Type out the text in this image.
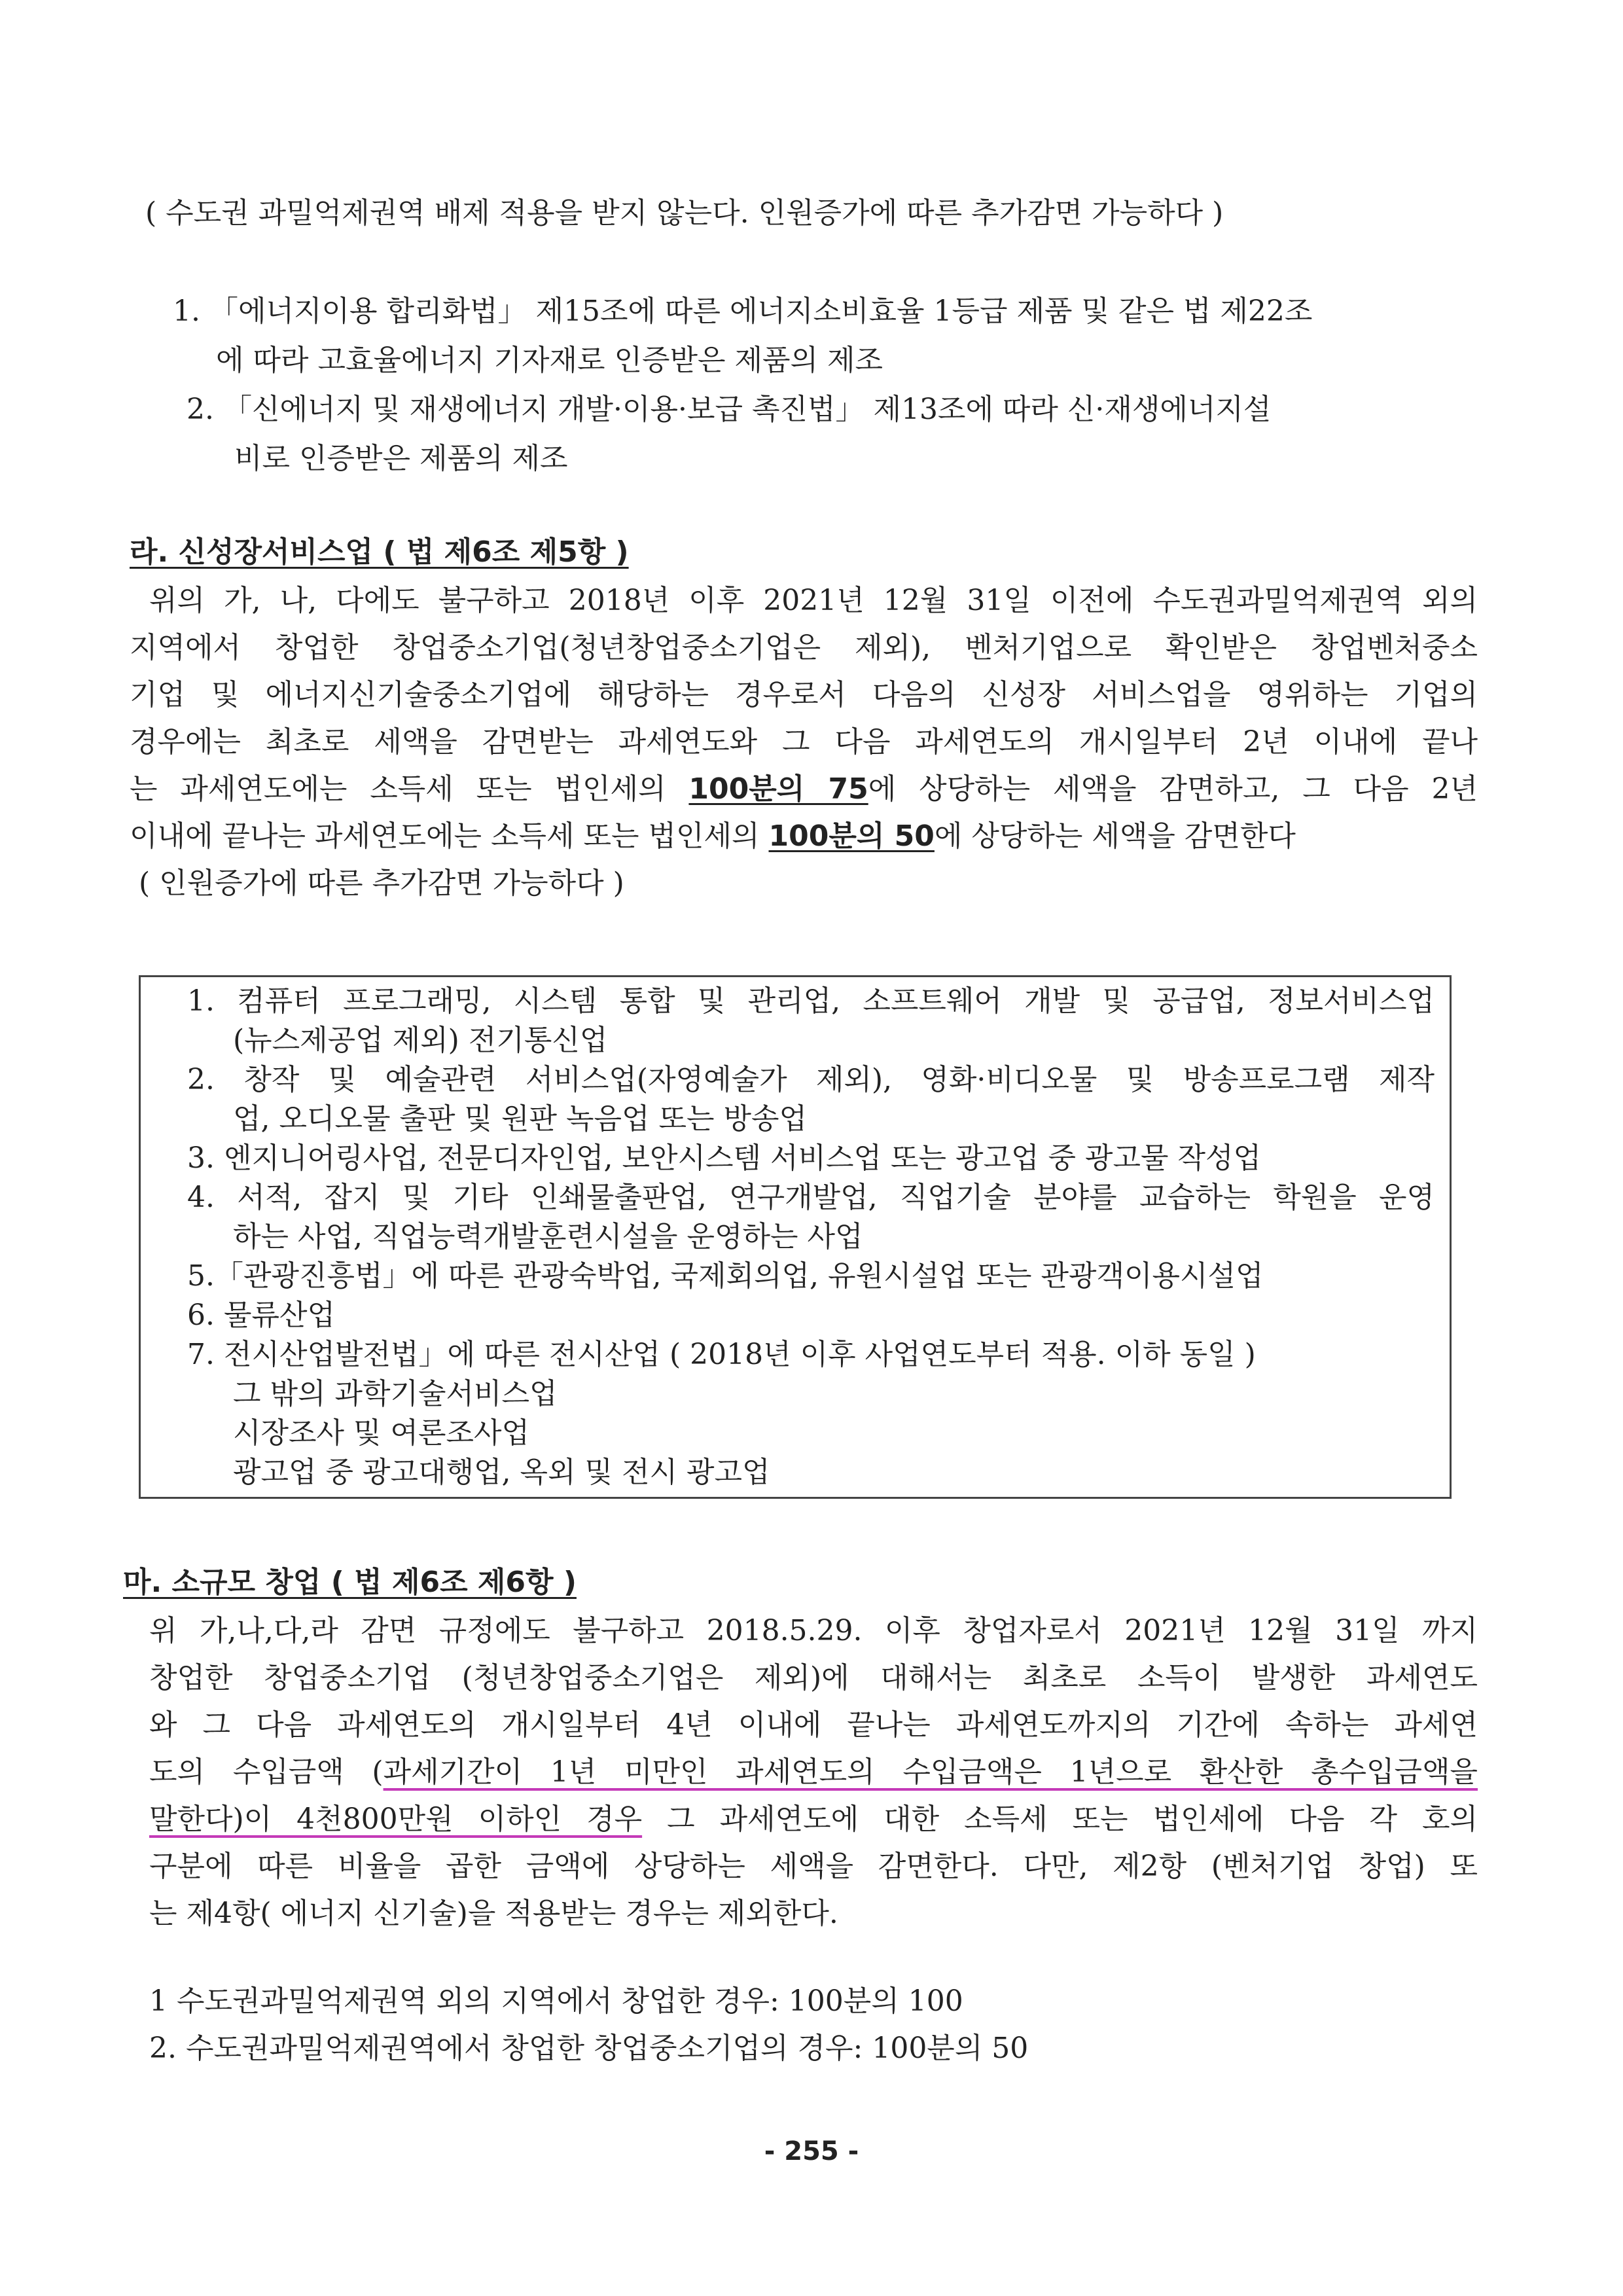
( 수도권 과밀억제권역 배제 적용을 받지 않는다. 인원증가에 따른 추가감면 가능하다 )
1. 「에너지이용 합리화법」 제15조에 따른 에너지소비효율 1등급 제품 및 같은 법 제22조
에 따라 고효율에너지 기자재로 인증받은 제품의 제조
2. 「신에너지 및 재생에너지 개발·이용·보급 촉진법」 제13조에 따라 신·재생에너지설
비로 인증받은 제품의 제조
라. 신성장서비스업 ( 법 제6조 제5항 )
위의 가, 나, 다에도 불구하고 2018년 이후 2021년 12월 31일 이전에 수도권과밀억제권역 외의
지역에서 창업한 창업중소기업(청년창업중소기업은 제외), 벤처기업으로 확인받은 창업벤처중소
기업 및 에너지신기술중소기업에 해당하는 경우로서 다음의 신성장 서비스업을 영위하는 기업의
경우에는 최초로 세액을 감면받는 과세연도와 그 다음 과세연도의 개시일부터 2년 이내에 끝나
는 과세연도에는 소득세 또는 법인세의 100분의 75에 상당하는 세액을 감면하고, 그 다음 2년
이내에 끝나는 과세연도에는 소득세 또는 법인세의 100분의 50에 상당하는 세액을 감면한다
( 인원증가에 따른 추가감면 가능하다 )
1. 컴퓨터 프로그래밍, 시스템 통합 및 관리업, 소프트웨어 개발 및 공급업, 정보서비스업
(뉴스제공업 제외) 전기통신업
2. 창작 및 예술관련 서비스업(자영예술가 제외), 영화·비디오물 및 방송프로그램 제작
업, 오디오물 출판 및 원판 녹음업 또는 방송업
3. 엔지니어링사업, 전문디자인업, 보안시스템 서비스업 또는 광고업 중 광고물 작성업
4. 서적, 잡지 및 기타 인쇄물출판업, 연구개발업, 직업기술 분야를 교습하는 학원을 운영
하는 사업, 직업능력개발훈련시설을 운영하는 사업
5.「관광진흥법」에 따른 관광숙박업, 국제회의업, 유원시설업 또는 관광객이용시설업
6. 물류산업
7. 전시산업발전법」에 따른 전시산업 ( 2018년 이후 사업연도부터 적용. 이하 동일 )
그 밖의 과학기술서비스업
시장조사 및 여론조사업
광고업 중 광고대행업, 옥외 및 전시 광고업
마. 소규모 창업 ( 법 제6조 제6항 )
위 가,나,다,라 감면 규정에도 불구하고 2018.5.29. 이후 창업자로서 2021년 12월 31일 까지
창업한 창업중소기업 (청년창업중소기업은 제외)에 대해서는 최초로 소득이 발생한 과세연도
와 그 다음 과세연도의 개시일부터 4년 이내에 끝나는 과세연도까지의 기간에 속하는 과세연
도의 수입금액 (과세기간이 1년 미만인 과세연도의 수입금액은 1년으로 환산한 총수입금액을
말한다)이 4천800만원 이하인 경우 그 과세연도에 대한 소득세 또는 법인세에 다음 각 호의
구분에 따른 비율을 곱한 금액에 상당하는 세액을 감면한다. 다만, 제2항 (벤처기업 창업) 또
는 제4항( 에너지 신기술)을 적용받는 경우는 제외한다.
1 수도권과밀억제권역 외의 지역에서 창업한 경우: 100분의 100
2. 수도권과밀억제권역에서 창업한 창업중소기업의 경우: 100분의 50
- 255 -
